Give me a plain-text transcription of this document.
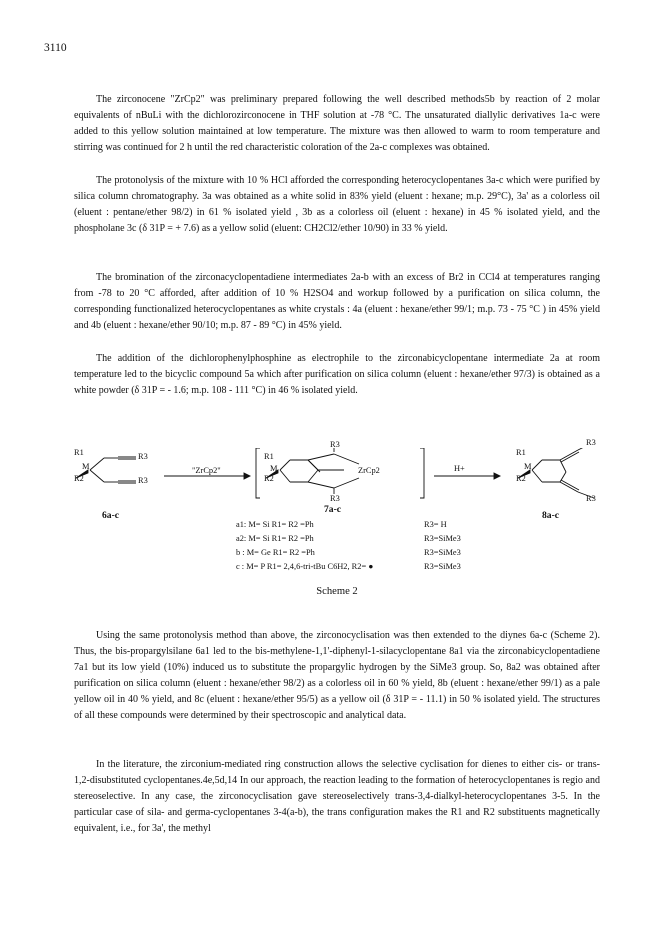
3110

The zirconocene "ZrCp2" was preliminary prepared following the well described methods5b by reaction of 2 molar equivalents of nBuLi with the dichlorozirconocene in THF solution at -78 °C. The unsaturated diallylic derivatives 1a-c were added to this yellow solution maintained at low temperature. The mixture was then allowed to warm to room temperature and stirring was continued for 2 h until the red characteristic coloration of the 2a-c complexes was obtained.

The protonolysis of the mixture with 10 % HCl afforded the corresponding heterocyclopentanes 3a-c which were purified by silica column chromatography. 3a was obtained as a white solid in 83% yield (eluent : hexane; m.p. 29°C), 3a' as a colorless oil (eluent : pentane/ether 98/2) in 61 % isolated yield , 3b as a colorless oil (eluent : hexane) in 45 % isolated yield, and the phospholane 3c (δ 31P = + 7.6) as a yellow solid (eluent: CH2Cl2/ether 10/90) in 33 % yield.

The bromination of the zirconacyclopentadiene intermediates 2a-b with an excess of Br2 in CCl4 at temperatures ranging from -78 to 20 °C afforded, after addition of 10 % H2SO4 and workup followed by a purification on silica column, the corresponding functionalized heterocyclopentanes as white crystals : 4a (eluent : hexane/ether 99/1; m.p. 73 - 75 °C ) in 45% yield and 4b (eluent : hexane/ether 90/10; m.p. 87 - 89 °C) in 45% yield.

The addition of the dichlorophenylphosphine as electrophile to the zirconabicyclopentane intermediate 2a at room temperature led to the bicyclic compound 5a which after purification on silica column (eluent : hexane/ether 97/3) is obtained as a white powder (δ 31P = - 1.6; m.p. 108 - 111 °C) in 46 % isolated yield.

R1
M
R2
R3
R3
"ZrCp2"
R1
M
R2
ZrCp2
R3
R3
H+
R1
M
R2
R3
R3
6a-c
7a-c
8a-c
a1: M= Si R1= R2 =Ph	R3= H
a2: M= Si R1= R2 =Ph	R3=SiMe3
b : M= Ge R1= R2 =Ph	R3=SiMe3
c : M= P R1= 2,4,6-tri-tBu C6H2, R2= ●	R3=SiMe3
Scheme 2

Using the same protonolysis method than above, the zirconocyclisation was then extended to the diynes 6a-c (Scheme 2). Thus, the bis-propargylsilane 6a1 led to the bis-methylene-1,1'-diphenyl-1-silacyclopentane 8a1 via the zirconabicyclopentadiene 7a1 but its low yield (10%) induced us to substitute the propargylic hydrogen by the SiMe3 group. So, 8a2 was obtained after purification on silica column (eluent : hexane/ether 98/2) as a colorless oil in 60 % yield, 8b (eluent : hexane/ether 99/1) as a pale yellow oil in 40 % yield, and 8c (eluent : hexane/ether 95/5) as a yellow oil (δ 31P = - 11.1) in 50 % isolated yield. The structures of all these compounds were determined by their spectroscopic and analytical data.

In the literature, the zirconium-mediated ring construction allows the selective cyclisation for dienes to either cis- or trans-1,2-disubstituted cyclopentanes.4e,5d,14 In our approach, the reaction leading to the formation of heterocyclopentanes is regio and stereoselective. In any case, the zirconocyclisation gave stereoselectively trans-3,4-dialkyl-heterocyclopentanes 3-5. In the particular case of sila- and germa-cyclopentanes 3-4(a-b), the trans configuration makes the R1 and R2 substituents magnetically equivalent, i.e., for 3a', the methyl
